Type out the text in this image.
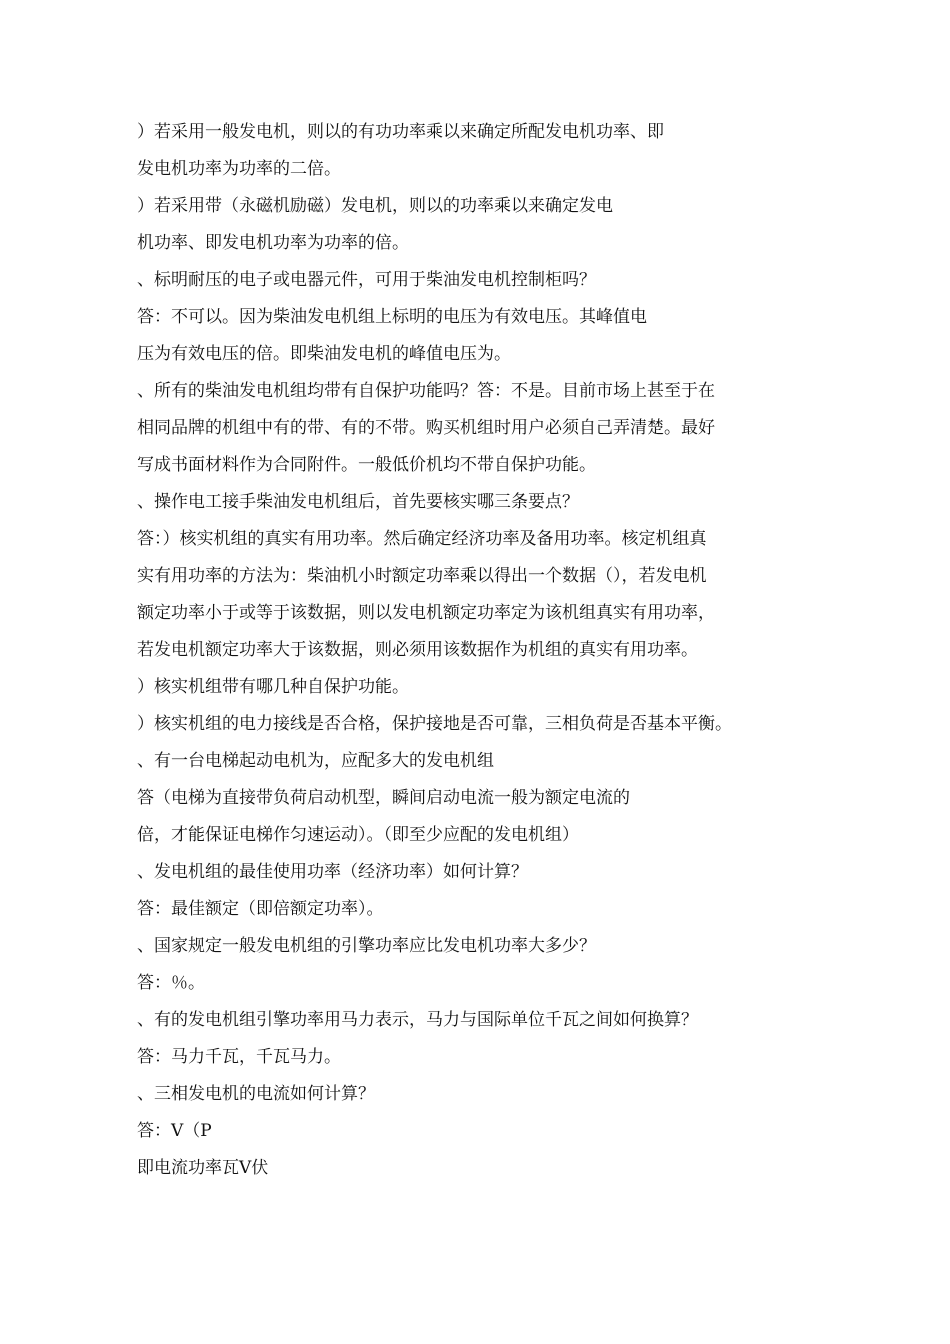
）若采用一般发电机，则以的有功功率乘以来确定所配发电机功率、即
发电机功率为功率的二倍。
）若采用带（永磁机励磁）发电机，则以的功率乘以来确定发电
机功率、即发电机功率为功率的倍。
、标明耐压的电子或电器元件，可用于柴油发电机控制柜吗？
答：不可以。因为柴油发电机组上标明的电压为有效电压。其峰值电
压为有效电压的倍。即柴油发电机的峰值电压为。
、所有的柴油发电机组均带有自保护功能吗？答：不是。目前市场上甚至于在
相同品牌的机组中有的带、有的不带。购买机组时用户必须自己弄清楚。最好
写成书面材料作为合同附件。一般低价机均不带自保护功能。
、操作电工接手柴油发电机组后，首先要核实哪三条要点？
答：）核实机组的真实有用功率。然后确定经济功率及备用功率。核定机组真
实有用功率的方法为：柴油机小时额定功率乘以得出一个数据（），若发电机
额定功率小于或等于该数据，则以发电机额定功率定为该机组真实有用功率，
若发电机额定功率大于该数据，则必须用该数据作为机组的真实有用功率。
）核实机组带有哪几种自保护功能。
）核实机组的电力接线是否合格，保护接地是否可靠，三相负荷是否基本平衡。
、有一台电梯起动电机为，应配多大的发电机组
答（电梯为直接带负荷启动机型，瞬间启动电流一般为额定电流的
倍，才能保证电梯作匀速运动）。（即至少应配的发电机组）
、发电机组的最佳使用功率（经济功率）如何计算？
答：最佳额定（即倍额定功率）。
、国家规定一般发电机组的引擎功率应比发电机功率大多少？
答：％。
、有的发电机组引擎功率用马力表示，马力与国际单位千瓦之间如何换算？
答：马力千瓦，千瓦马力。
、三相发电机的电流如何计算？
答：V（P
即电流功率瓦V伏
